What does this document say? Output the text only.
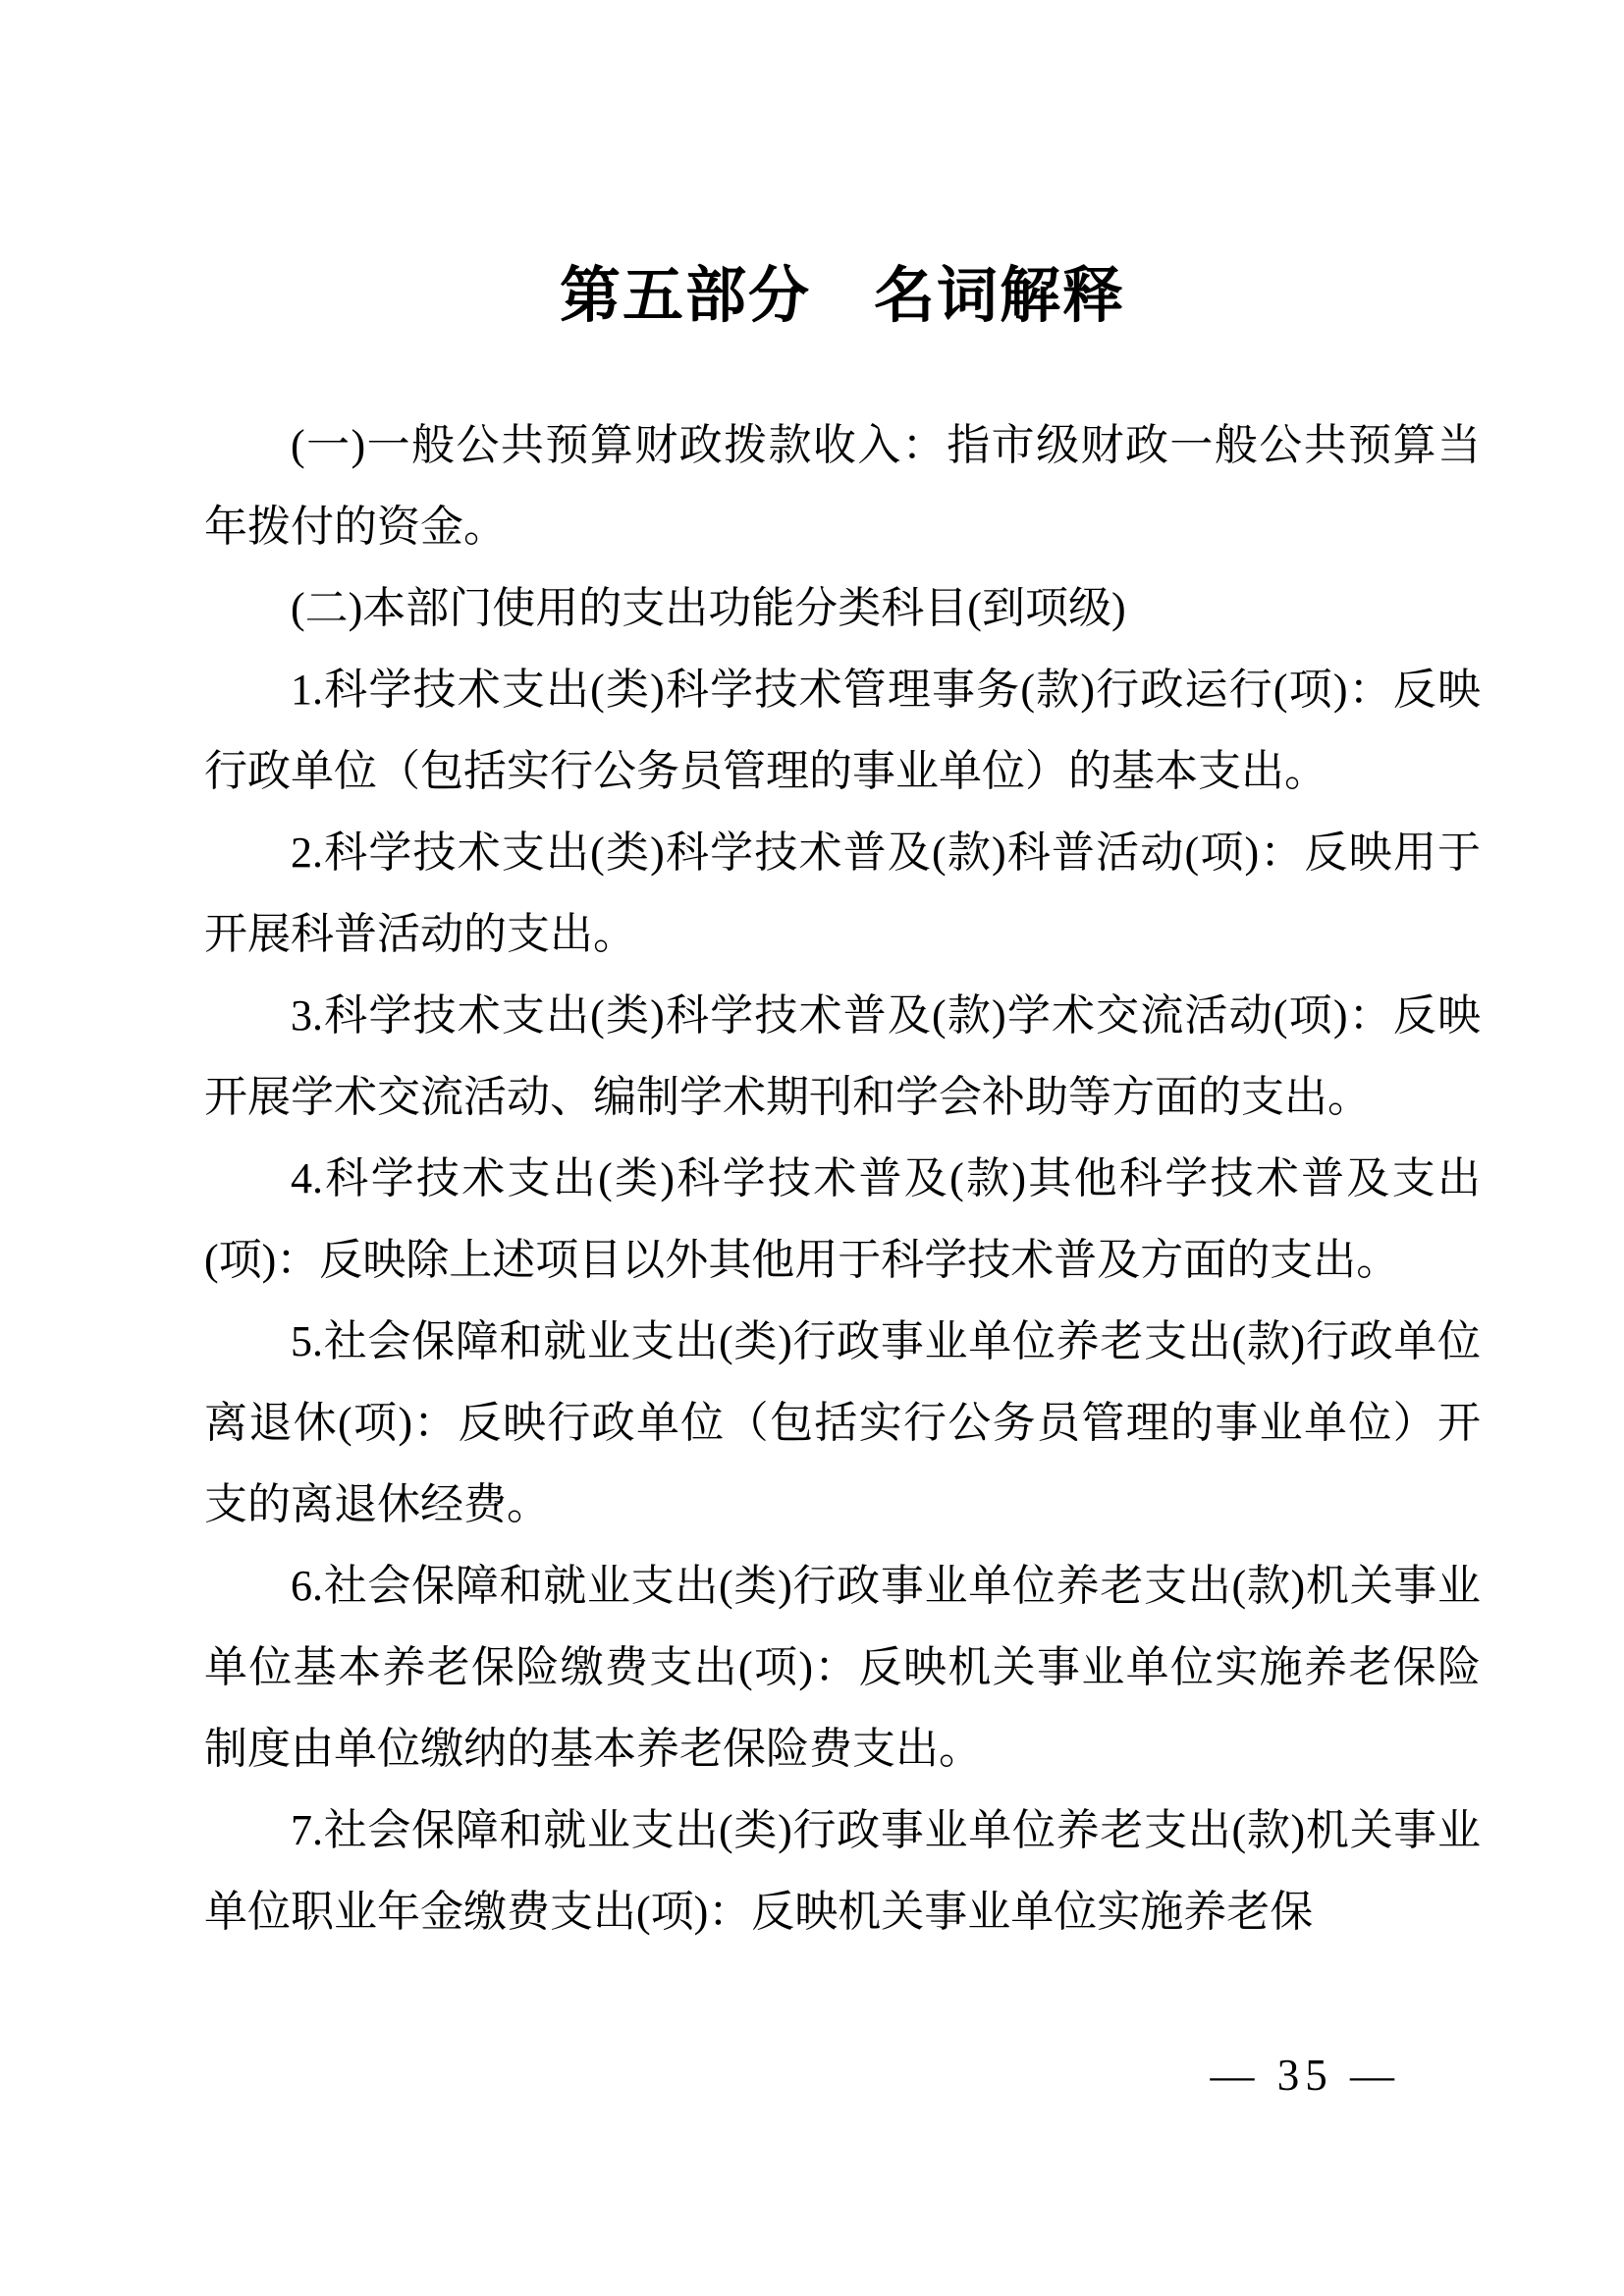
第五部分　名词解释

(一)一般公共预算财政拨款收入：指市级财政一般公共预算当年拨付的资金。

(二)本部门使用的支出功能分类科目(到项级)

1.科学技术支出(类)科学技术管理事务(款)行政运行(项)：反映行政单位（包括实行公务员管理的事业单位）的基本支出。

2.科学技术支出(类)科学技术普及(款)科普活动(项)：反映用于开展科普活动的支出。

3.科学技术支出(类)科学技术普及(款)学术交流活动(项)：反映开展学术交流活动、编制学术期刊和学会补助等方面的支出。

4.科学技术支出(类)科学技术普及(款)其他科学技术普及支出(项)：反映除上述项目以外其他用于科学技术普及方面的支出。

5.社会保障和就业支出(类)行政事业单位养老支出(款)行政单位离退休(项)：反映行政单位（包括实行公务员管理的事业单位）开支的离退休经费。

6.社会保障和就业支出(类)行政事业单位养老支出(款)机关事业单位基本养老保险缴费支出(项)：反映机关事业单位实施养老保险制度由单位缴纳的基本养老保险费支出。

7.社会保障和就业支出(类)行政事业单位养老支出(款)机关事业单位职业年金缴费支出(项)：反映机关事业单位实施养老保

— 35 —
